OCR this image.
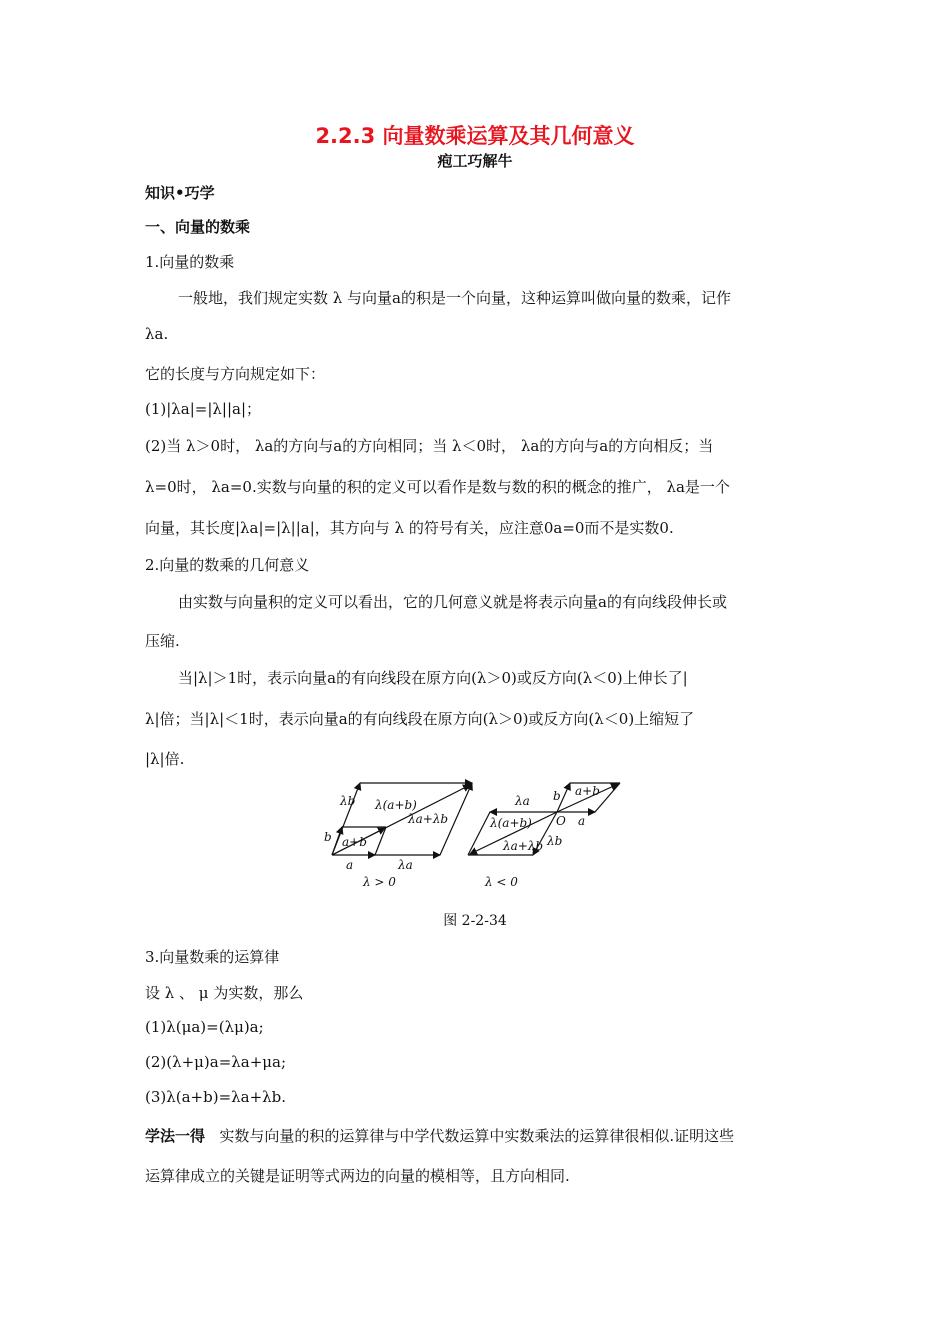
2.2.3 向量数乘运算及其几何意义
疱工巧解牛
知识•巧学
一、向量的数乘
1.向量的数乘
一般地，我们规定实数 λ 与向量a的积是一个向量，这种运算叫做向量的数乘，记作
λa.
它的长度与方向规定如下：
(1)|λa|=|λ||a|；
(2)当 λ＞0时， λa的方向与a的方向相同；当 λ＜0时， λa的方向与a的方向相反；当
λ=0时， λa=0.实数与向量的积的定义可以看作是数与数的积的概念的推广， λa是一个
向量，其长度|λa|=|λ||a|，其方向与 λ 的符号有关，应注意0a=0而不是实数0.
2.向量的数乘的几何意义
由实数与向量积的定义可以看出，它的几何意义就是将表示向量a的有向线段伸长或
压缩.
当|λ|＞1时，表示向量a的有向线段在原方向(λ＞0)或反方向(λ＜0)上伸长了|
λ|倍；当|λ|＜1时，表示向量a的有向线段在原方向(λ＞0)或反方向(λ＜0)上缩短了
|λ|倍.
λb λ(a+b)
b a+b
λa+λb
a	λa
λ > 0
λa b a+b
λ(a+b) O a
λb
λa+λb
λ < 0
图 2-2-34
3.向量数乘的运算律
设 λ 、 μ 为实数，那么
(1)λ(μa)=(λμ)a;
(2)(λ+μ)a=λa+μa;
(3)λ(a+b)=λa+λb.
学法一得 实数与向量的积的运算律与中学代数运算中实数乘法的运算律很相似.证明这些
运算律成立的关键是证明等式两边的向量的模相等，且方向相同.
